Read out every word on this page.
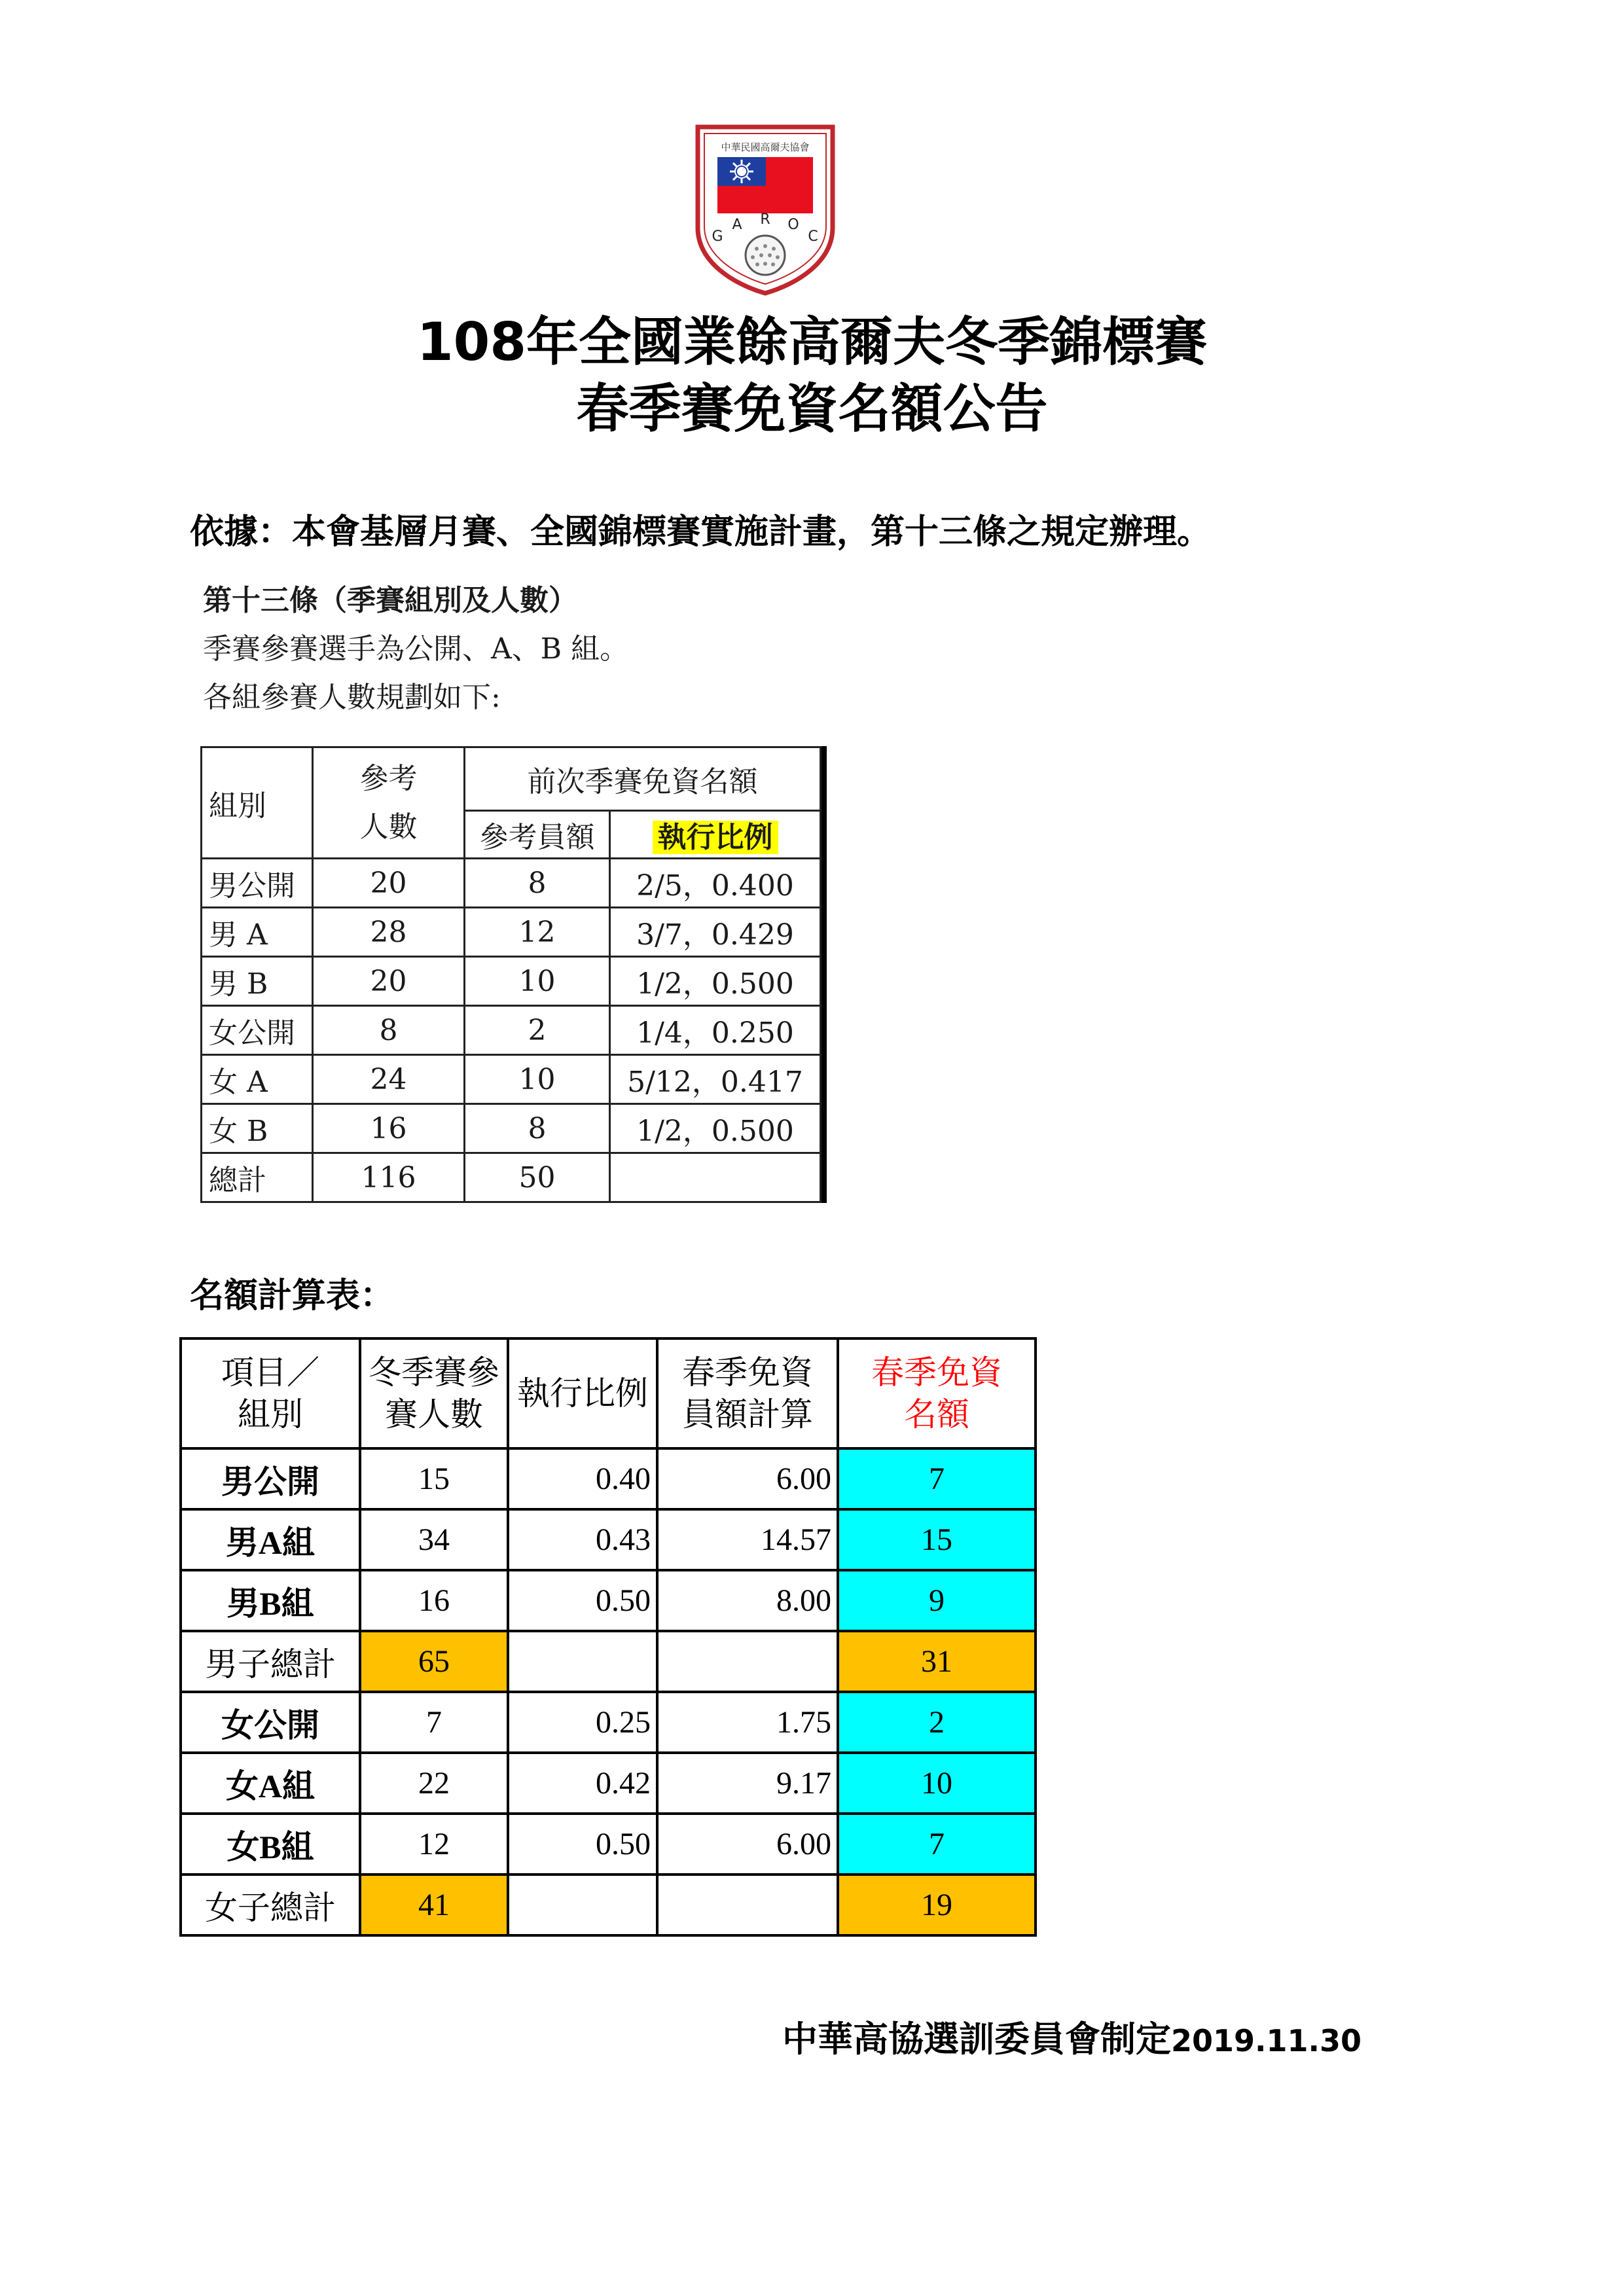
中華民國高爾夫協會
G
A R O
C
108年全國業餘高爾夫冬季錦標賽
春季賽免資名額公告
依據：本會基層月賽、全國錦標賽實施計畫，第十三條之規定辦理。
第十三條（季賽組別及人數）
季賽參賽選手為公開、A、B 組。
各組參賽人數規劃如下:
組別	參考人數	前次季賽免資名額	
		參考員額	執行比例
男公開	20	8	2/5，0.400
男 A	28	12	3/7，0.429
男 B	20	10	1/2，0.500
女公開	8	2	1/4，0.250
女 A	24	10	5/12，0.417
女 B	16	8	1/2，0.500
總計	116	50	
名額計算表：
項目／組別	冬季賽參賽人數	執行比例	春季免資員額計算	春季免資名額
男公開	15	0.40	6.00	7
男A組	34	0.43	14.57	15
男B組	16	0.50	8.00	9
男子總計	65			31
女公開	7	0.25	1.75	2
女A組	22	0.42	9.17	10
女B組	12	0.50	6.00	7
女子總計	41			19
中華高協選訓委員會制定2019.11.30
